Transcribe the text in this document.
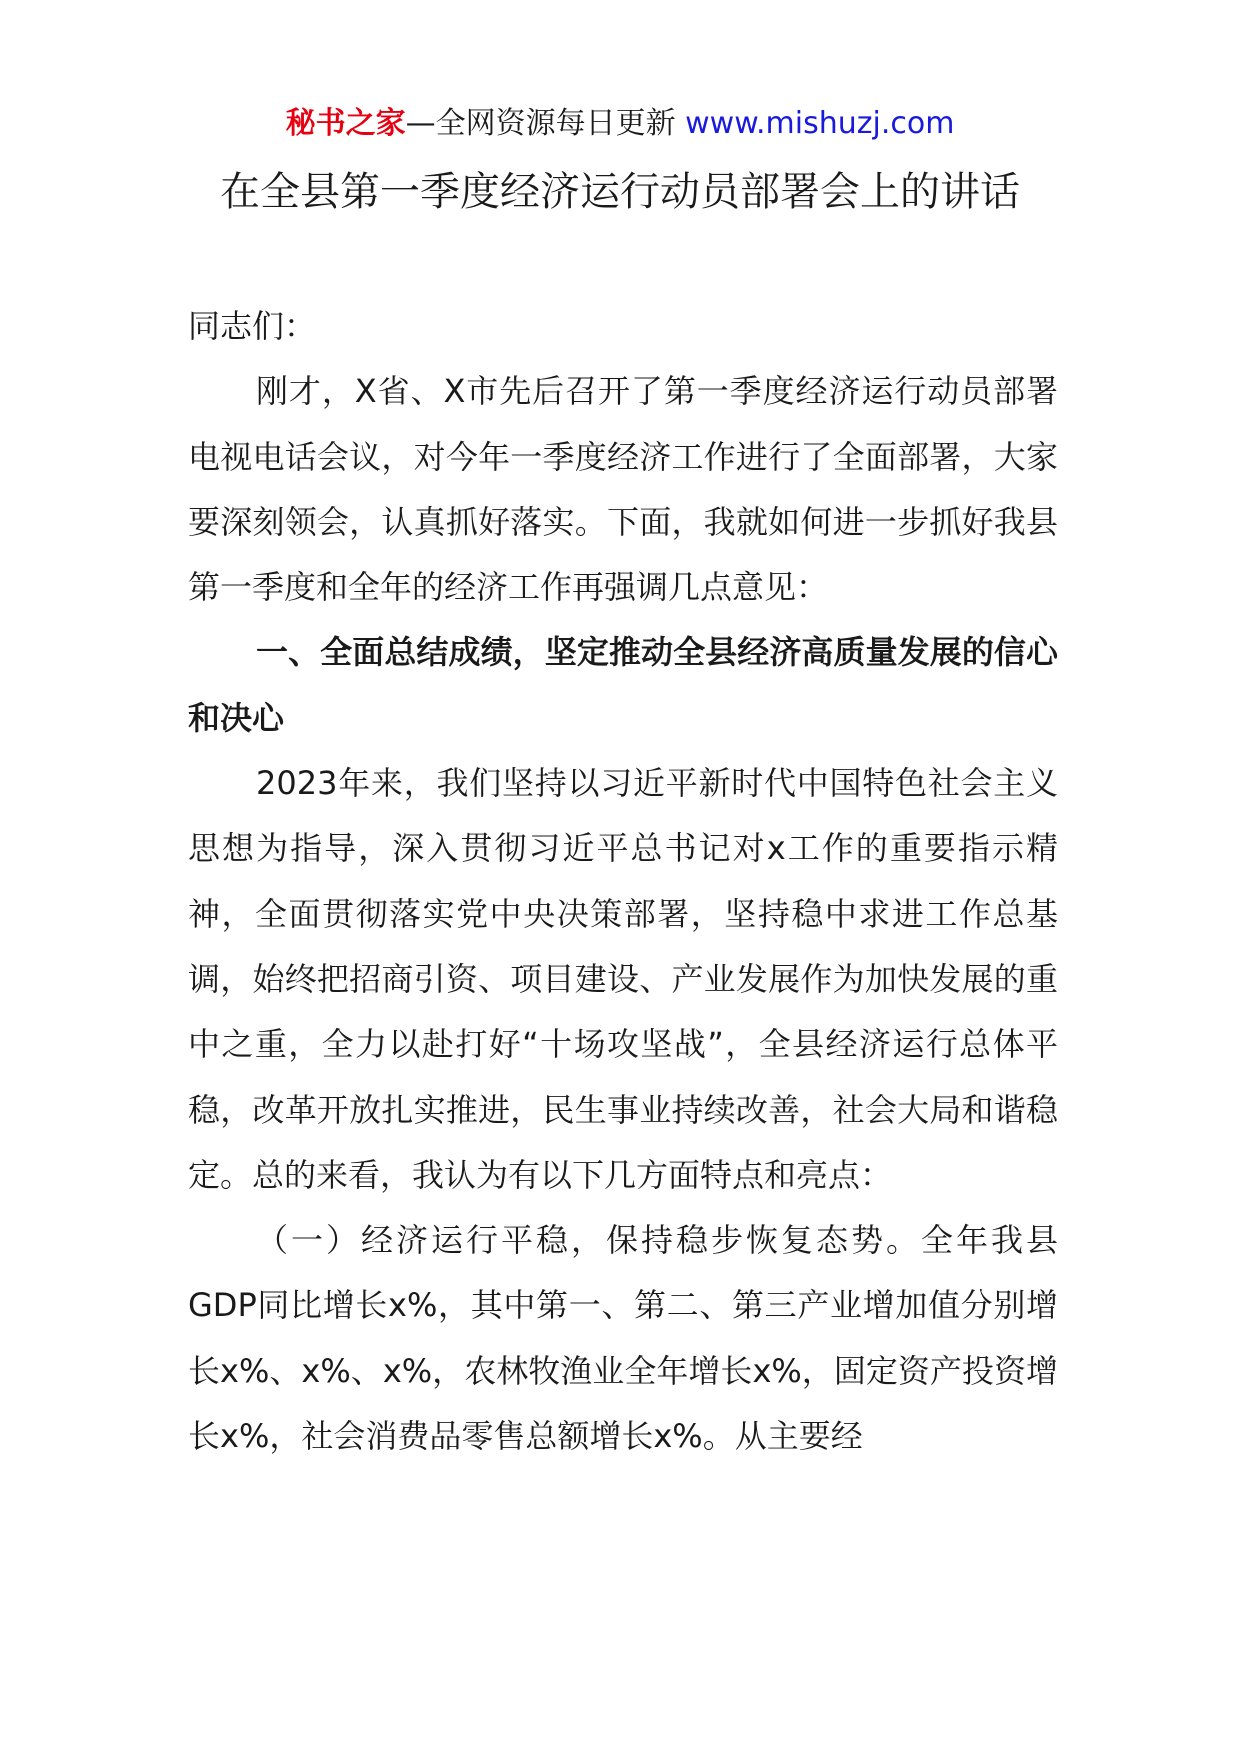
秘书之家—全网资源每日更新 www.mishuzj.com
在全县第一季度经济运行动员部署会上的讲话

同志们：

刚才，X省、X市先后召开了第一季度经济运行动员部署电视电话会议，对今年一季度经济工作进行了全面部署，大家要深刻领会，认真抓好落实。下面，我就如何进一步抓好我县第一季度和全年的经济工作再强调几点意见：

一、全面总结成绩，坚定推动全县经济高质量发展的信心和决心

2023年来，我们坚持以习近平新时代中国特色社会主义思想为指导，深入贯彻习近平总书记对x工作的重要指示精神，全面贯彻落实党中央决策部署，坚持稳中求进工作总基调，始终把招商引资、项目建设、产业发展作为加快发展的重中之重，全力以赴打好“十场攻坚战”，全县经济运行总体平稳，改革开放扎实推进，民生事业持续改善，社会大局和谐稳定。总的来看，我认为有以下几方面特点和亮点：

（一）经济运行平稳，保持稳步恢复态势。全年我县GDP同比增长x%，其中第一、第二、第三产业增加值分别增长x%、x%、x%，农林牧渔业全年增长x%，固定资产投资增长x%，社会消费品零售总额增长x%。从主要经
